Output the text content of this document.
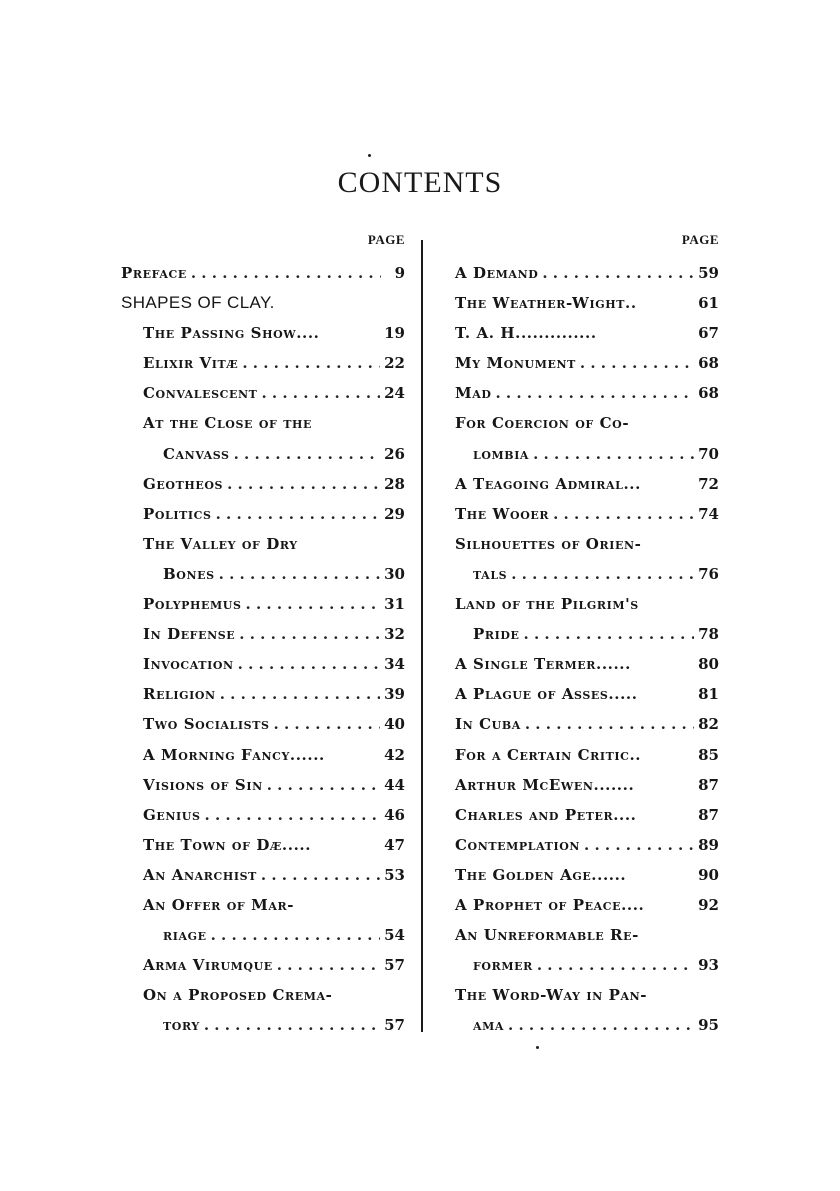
CONTENTS
PAGE
Preface . . .	9
SHAPES OF CLAY.
The Passing Show....	19
Elixir Vitæ . . .	22
Convalescent . . .	24
At the Close of the
Canvass . . .	26
Geotheos . . .	28
Politics . . .	29
The Valley of Dry
Bones . . .	30
Polyphemus . . .	31
In Defense . . .	32
Invocation . . .	34
Religion . . .	39
Two Socialists . . .	40
A Morning Fancy......	42
Visions of Sin . . .	44
Genius . . .	46
The Town of Dæ.....	47
An Anarchist . . .	53
An Offer of Mar-
riage . . .	54
Arma Virumque . . .	57
On a Proposed Crema-
tory . . .	57
PAGE
A Demand . . .	59
The Weather-Wight..	61
T. A. H..............	67
My Monument . . .	68
Mad . . .	68
For Coercion of Co-
lombia . . .	70
A Teagoing Admiral...	72
The Wooer . . .	74
Silhouettes of Orien-
tals . . .	76
Land of the Pilgrim's
Pride . . .	78
A Single Termer......	80
A Plague of Asses.....	81
In Cuba . . .	82
For a Certain Critic..	85
Arthur McEwen.......	87
Charles and Peter....	87
Contemplation . . .	89
The Golden Age......	90
A Prophet of Peace....	92
An Unreformable Re-
former . . .	93
The Word-Way in Pan-
ama . . .	95
